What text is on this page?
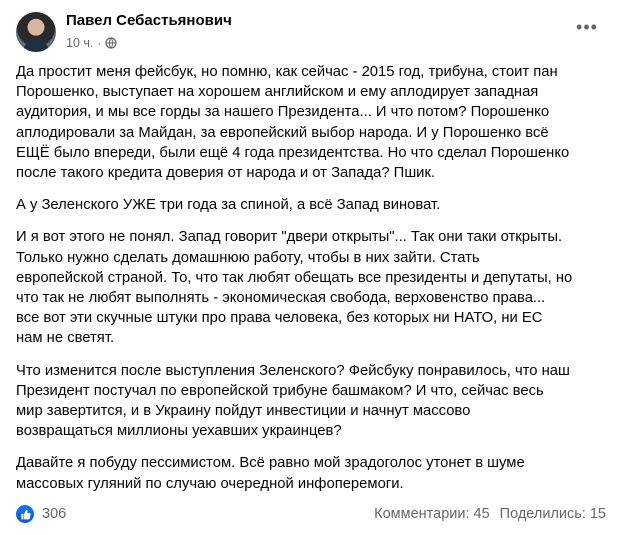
Павел Себастьянович
10 ч. ·
•••

Да простит меня фейсбук, но помню, как сейчас - 2015 год, трибуна, стоит пан
Порошенко, выступает на хорошем английском и ему аплодирует западная
аудитория, и мы все горды за нашего Президента... И что потом? Порошенко
аплодировали за Майдан, за европейский выбор народа. И у Порошенко всё
ЕЩЁ было впереди, были ещё 4 года президентства. Но что сделал Порошенко
после такого кредита доверия от народа и от Запада? Пшик.

А у Зеленского УЖЕ три года за спиной, а всё Запад виноват.

И я вот этого не понял. Запад говорит "двери открыты"... Так они таки открыты.
Только нужно сделать домашнюю работу, чтобы в них зайти. Стать
европейской страной. То, что так любят обещать все президенты и депутаты, но
что так не любят выполнять - экономическая свобода, верховенство права...
все вот эти скучные штуки про права человека, без которых ни НАТО, ни ЕС
нам не светят.

Что изменится после выступления Зеленского? Фейсбуку понравилось, что наш
Президент постучал по европейской трибуне башмаком? И что, сейчас весь
мир завертится, и в Украину пойдут инвестиции и начнут массово
возвращаться миллионы уехавших украинцев?

Давайте я побуду пессимистом. Всё равно мой зрадоголос утонет в шуме
массовых гуляний по случаю очередной инфоперемоги.

306	Комментарии: 45 Поделились: 15
